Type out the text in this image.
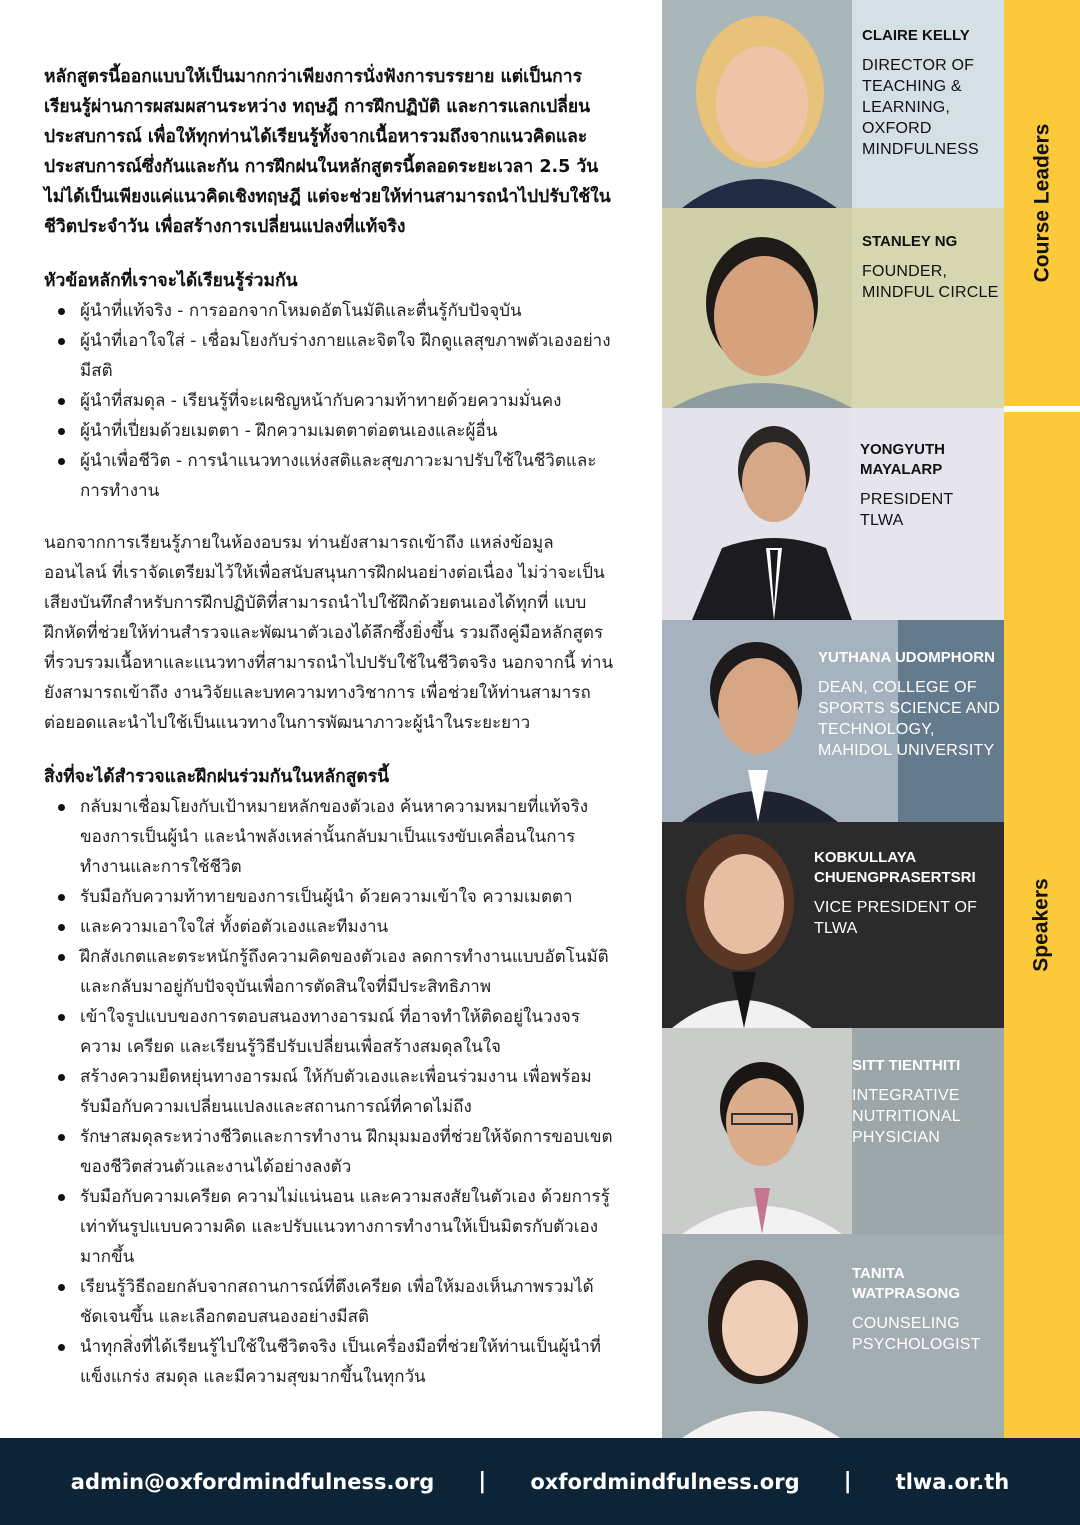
หลักสูตรนี้ออกแบบให้เป็นมากกว่าเพียงการนั่งฟังการบรรยาย แต่เป็นการเรียนรู้ผ่านการผสมผสานระหว่าง ทฤษฎี การฝึกปฏิบัติ และการแลกเปลี่ยนประสบการณ์ เพื่อให้ทุกท่านได้เรียนรู้ทั้งจากเนื้อหารวมถึงจากแนวคิดและประสบการณ์ซึ่งกันและกัน การฝึกฝนในหลักสูตรนี้ตลอดระยะเวลา 2.5 วัน ไม่ได้เป็นเพียงแค่แนวคิดเชิงทฤษฎี แต่จะช่วยให้ท่านสามารถนำไปปรับใช้ในชีวิตประจำวัน เพื่อสร้างการเปลี่ยนแปลงที่แท้จริง

หัวข้อหลักที่เราจะได้เรียนรู้ร่วมกัน
ผู้นำที่แท้จริง - การออกจากโหมดอัตโนมัติและตื่นรู้กับปัจจุบัน
ผู้นำที่เอาใจใส่ - เชื่อมโยงกับร่างกายและจิตใจ ฝึกดูแลสุขภาพตัวเองอย่างมีสติ
ผู้นำที่สมดุล - เรียนรู้ที่จะเผชิญหน้ากับความท้าทายด้วยความมั่นคง
ผู้นำที่เปี่ยมด้วยเมตตา - ฝึกความเมตตาต่อตนเองและผู้อื่น
ผู้นำเพื่อชีวิต - การนำแนวทางแห่งสติและสุขภาวะมาปรับใช้ในชีวิตและการทำงาน

นอกจากการเรียนรู้ภายในห้องอบรม ท่านยังสามารถเข้าถึง แหล่งข้อมูลออนไลน์ ที่เราจัดเตรียมไว้ให้เพื่อสนับสนุนการฝึกฝนอย่างต่อเนื่อง ไม่ว่าจะเป็นเสียงบันทึกสำหรับการฝึกปฏิบัติที่สามารถนำไปใช้ฝึกด้วยตนเองได้ทุกที่ แบบฝึกหัดที่ช่วยให้ท่านสำรวจและพัฒนาตัวเองได้ลึกซึ้งยิ่งขึ้น รวมถึงคู่มือหลักสูตรที่รวบรวมเนื้อหาและแนวทางที่สามารถนำไปปรับใช้ในชีวิตจริง นอกจากนี้ ท่านยังสามารถเข้าถึง งานวิจัยและบทความทางวิชาการ เพื่อช่วยให้ท่านสามารถต่อยอดและนำไปใช้เป็นแนวทางในการพัฒนาภาวะผู้นำในระยะยาว

สิ่งที่จะได้สำรวจและฝึกฝนร่วมกันในหลักสูตรนี้
กลับมาเชื่อมโยงกับเป้าหมายหลักของตัวเอง ค้นหาความหมายที่แท้จริงของการเป็นผู้นำ และนำพลังเหล่านั้นกลับมาเป็นแรงขับเคลื่อนในการทำงานและการใช้ชีวิต
รับมือกับความท้าทายของการเป็นผู้นำ ด้วยความเข้าใจ ความเมตตา
และความเอาใจใส่ ทั้งต่อตัวเองและทีมงาน
ฝึกสังเกตและตระหนักรู้ถึงความคิดของตัวเอง ลดการทำงานแบบอัตโนมัติและกลับมาอยู่กับปัจจุบันเพื่อการตัดสินใจที่มีประสิทธิภาพ
เข้าใจรูปแบบของการตอบสนองทางอารมณ์ ที่อาจทำให้ติดอยู่ในวงจรความ เครียด และเรียนรู้วิธีปรับเปลี่ยนเพื่อสร้างสมดุลในใจ
สร้างความยืดหยุ่นทางอารมณ์ ให้กับตัวเองและเพื่อนร่วมงาน เพื่อพร้อมรับมือกับความเปลี่ยนแปลงและสถานการณ์ที่คาดไม่ถึง
รักษาสมดุลระหว่างชีวิตและการทำงาน ฝึกมุมมองที่ช่วยให้จัดการขอบเขตของชีวิตส่วนตัวและงานได้อย่างลงตัว
รับมือกับความเครียด ความไม่แน่นอน และความสงสัยในตัวเอง ด้วยการรู้เท่าทันรูปแบบความคิด และปรับแนวทางการทำงานให้เป็นมิตรกับตัวเองมากขึ้น
เรียนรู้วิธีถอยกลับจากสถานการณ์ที่ตึงเครียด เพื่อให้มองเห็นภาพรวมได้ชัดเจนขึ้น และเลือกตอบสนองอย่างมีสติ
นำทุกสิ่งที่ได้เรียนรู้ไปใช้ในชีวิตจริง เป็นเครื่องมือที่ช่วยให้ท่านเป็นผู้นำที่แข็งแกร่ง สมดุล และมีความสุขมากขึ้นในทุกวัน
CLAIRE KELLY
DIRECTOR OF TEACHING & LEARNING, OXFORD MINDFULNESS
STANLEY NG
FOUNDER, MINDFUL CIRCLE
YONGYUTH MAYALARP
PRESIDENT TLWA
YUTHANA UDOMPHORN
DEAN, COLLEGE OF SPORTS SCIENCE AND TECHNOLOGY, MAHIDOL UNIVERSITY
KOBKULLAYA CHUENGPRASERTSRI
VICE PRESIDENT OF TLWA
SITT TIENTHITI
INTEGRATIVE NUTRITIONAL PHYSICIAN
TANITA WATPRASONG
COUNSELING PSYCHOLOGIST
Course Leaders
Speakers
admin@oxfordmindfulness.org | oxfordmindfulness.org | tlwa.or.th
